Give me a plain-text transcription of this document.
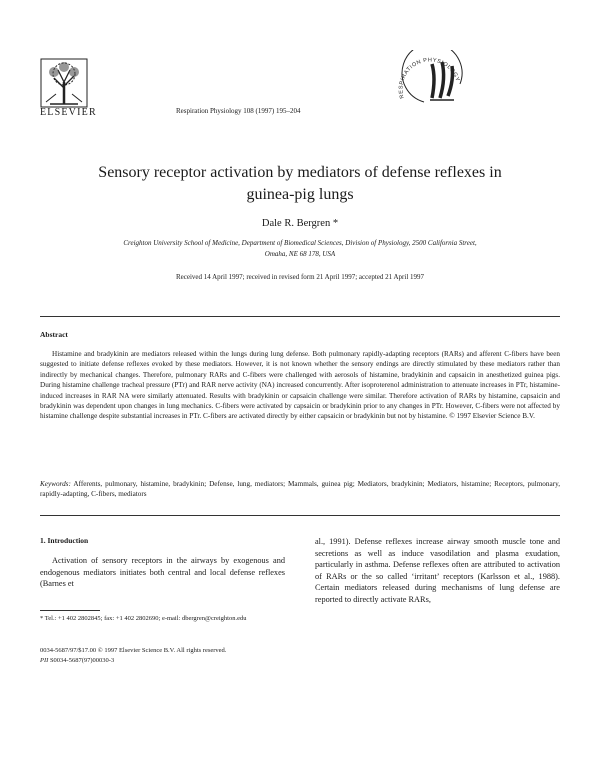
ELSEVIER	Respiration Physiology 108 (1997) 195–204
RESPIRATION PHYSIOLOGY
Sensory receptor activation by mediators of defense reflexes in
guinea-pig lungs
Dale R. Bergren *
Creighton University School of Medicine, Department of Biomedical Sciences, Division of Physiology, 2500 California Street,
Omaha, NE 68 178, USA
Received 14 April 1997; received in revised form 21 April 1997; accepted 21 April 1997
Abstract

Histamine and bradykinin are mediators released within the lungs during lung defense. Both pulmonary rapidly-adapting receptors (RARs) and afferent C-fibers have been suggested to initiate defense reflexes evoked by these mediators. However, it is not known whether the sensory endings are directly stimulated by these mediators rather than indirectly by mechanical changes. Therefore, pulmonary RARs and C-fibers were challenged with aerosols of histamine, bradykinin and capsaicin in anesthetized guinea pigs. During histamine challenge tracheal pressure (PTr) and RAR nerve activity (NA) increased concurrently. After isoproterenol administration to attenuate increases in PTr, histamine-induced increases in RAR NA were similarly attenuated. Results with bradykinin or capsaicin challenge were similar. Therefore activation of RARs by histamine, capsaicin and bradykinin was dependent upon changes in lung mechanics. C-fibers were activated by capsaicin or bradykinin prior to any changes in PTr. However, C-fibers were not affected by histamine challenge despite substantial increases in PTr. C-fibers are activated directly by either capsaicin or bradykinin but not by histamine. © 1997 Elsevier Science B.V.

Keywords: Afferents, pulmonary, histamine, bradykinin; Defense, lung, mediators; Mammals, guinea pig; Mediators, bradykinin; Mediators, histamine; Receptors, pulmonary, rapidly-adapting, C-fibers, mediators
1. Introduction

Activation of sensory receptors in the airways by exogenous and endogenous mediators initiates both central and local defense reflexes (Barnes et

al., 1991). Defense reflexes increase airway smooth muscle tone and secretions as well as induce vasodilation and plasma exudation, particularly in asthma. Defense reflexes often are attributed to activation of RARs or the so called ‘irritant’ receptors (Karlsson et al., 1988). Certain mediators released during mechanisms of lung defense are reported to directly activate RARs,

* Tel.: +1 402 2802845; fax: +1 402 2802690; e-mail: dbergren@creighton.edu
0034-5687/97/$17.00 © 1997 Elsevier Science B.V. All rights reserved.
PII S0034-5687(97)00030-3
